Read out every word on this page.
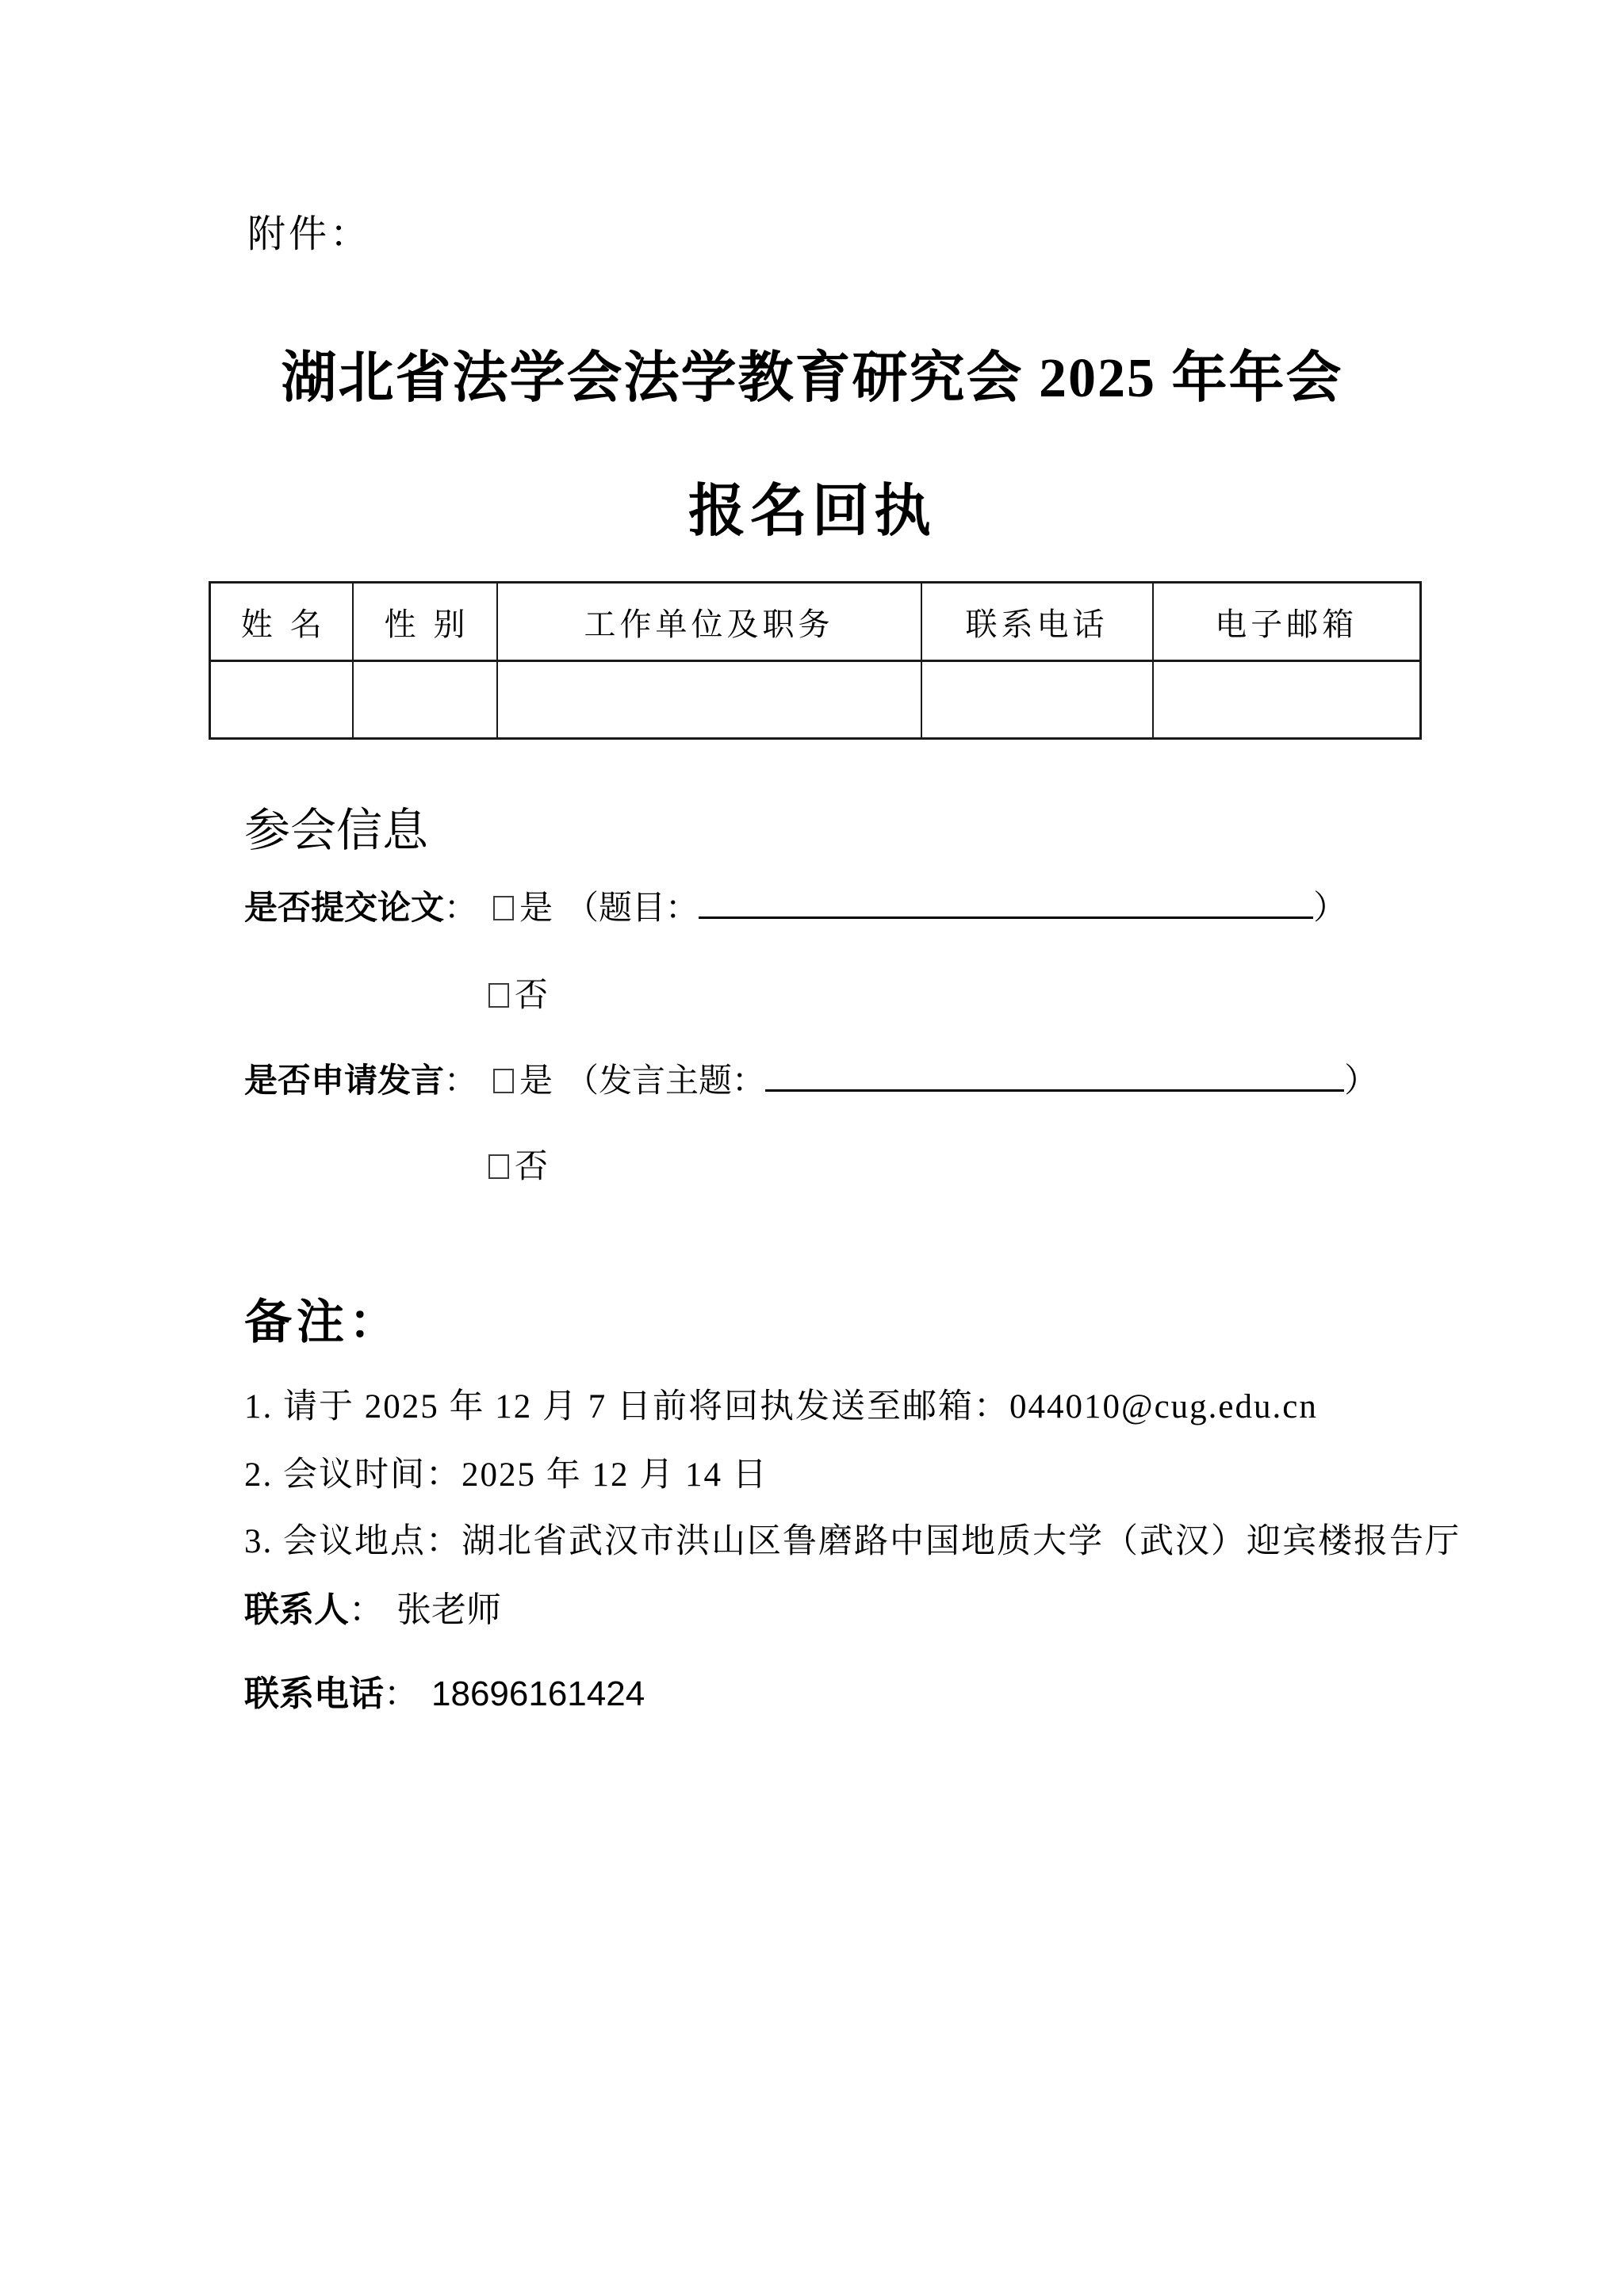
附件：
湖北省法学会法学教育研究会 2025 年年会
报名回执
姓名	性别	工作单位及职务	联系电话	电子邮箱

参会信息
是否提交论文： 是 （题目：	）
否
是否申请发言： 是 （发言主题：	）
否
备注：
1. 请于 2025 年 12 月 7 日前将回执发送至邮箱：044010@cug.edu.cn
2. 会议时间：2025 年 12 月 14 日
3. 会议地点：湖北省武汉市洪山区鲁磨路中国地质大学（武汉）迎宾楼报告厅
联系人： 张老师
联系电话： 18696161424
